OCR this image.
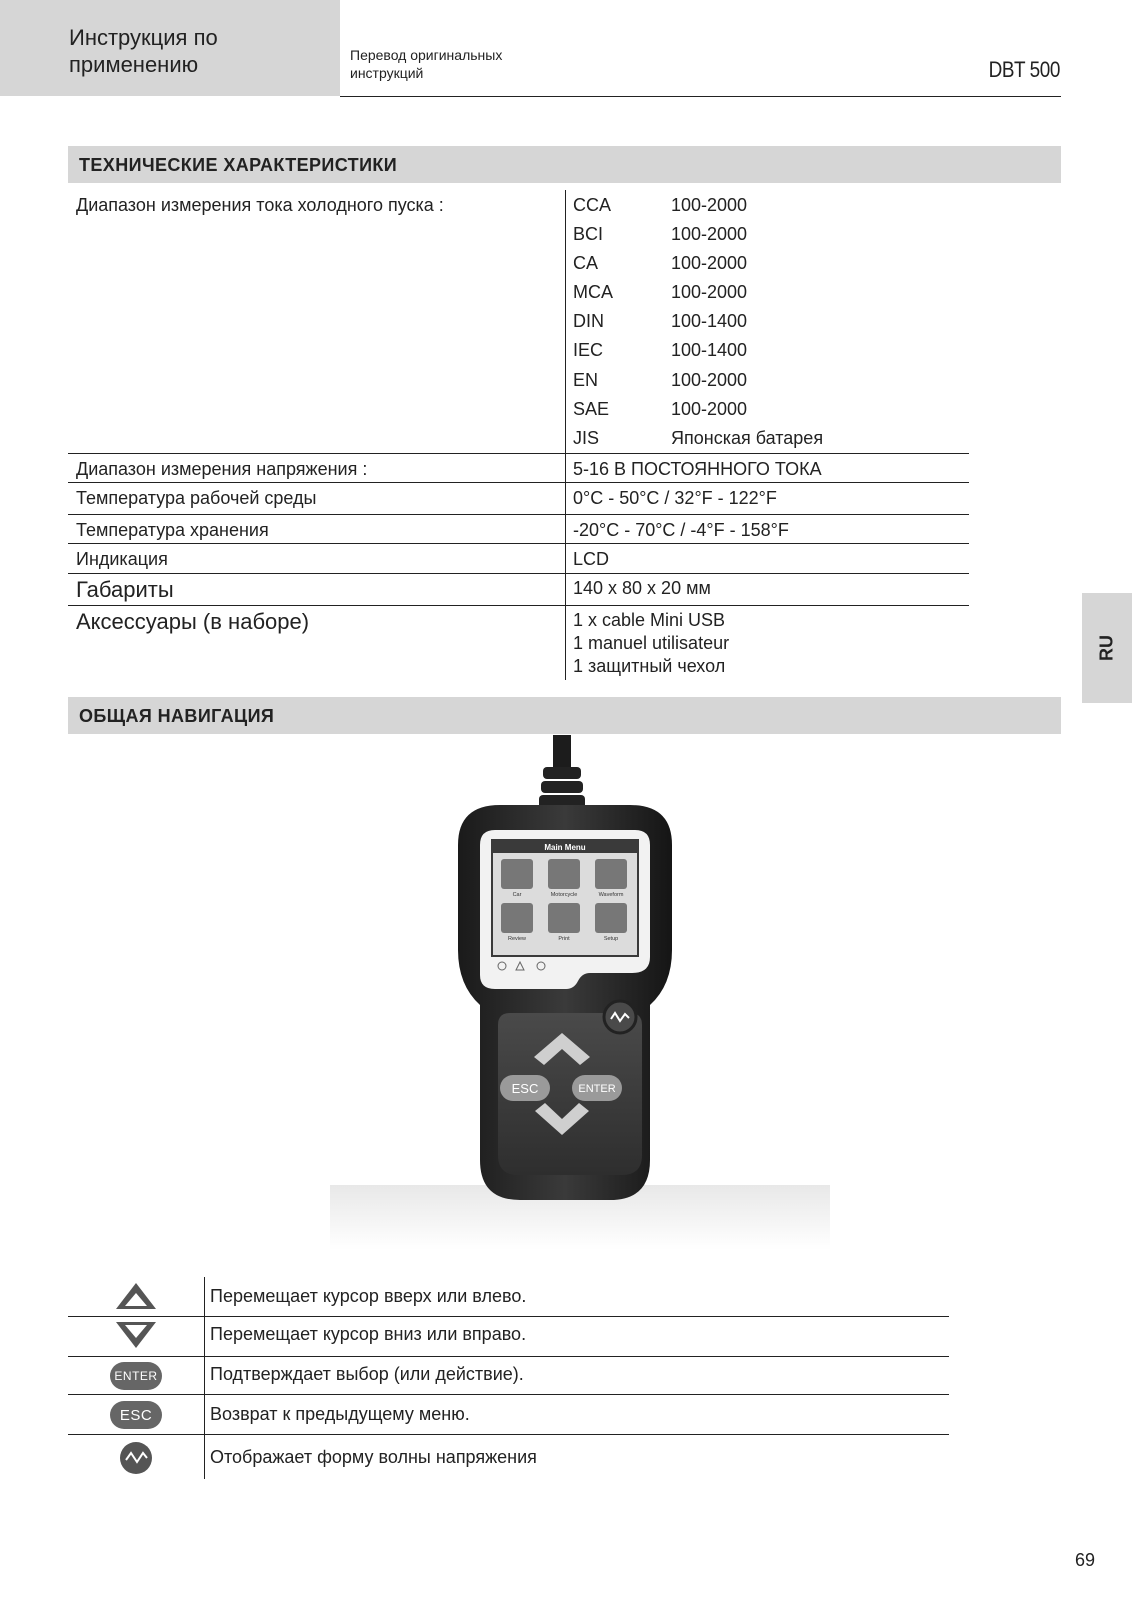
Инструкция по применению	Перевод оригинальных инструкций	DBT 500
ТЕХНИЧЕСКИЕ ХАРАКТЕРИСТИКИ
Диапазон измерения тока холодного пуска :	CCA	100-2000
BCI	100-2000
CA	100-2000
MCA	100-2000
DIN	100-1400
IEC	100-1400
EN	100-2000
SAE	100-2000
JIS	Японская батарея
Диапазон измерения напряжения :	5-16 В ПОСТОЯННОГО ТОКА
Температура рабочей среды	0°C - 50°C / 32°F - 122°F
Температура хранения	-20°C - 70°C / -4°F - 158°F
Индикация	LCD
Габариты	140 x 80 x 20 мм
Аксессуары (в наборе)	1 x cable Mini USB
1 manuel utilisateur
1 защитный чехол
RU
ОБЩАЯ НАВИГАЦИЯ
Main Menu
Car	Motorcycle	Waveform
Review	Print	Setup
ESC	ENTER
Перемещает курсор вверх или влево.
Перемещает курсор вниз или вправо.
ENTER	Подтверждает выбор (или действие).
ESC	Возврат к предыдущему меню.
Отображает форму волны напряжения
69
